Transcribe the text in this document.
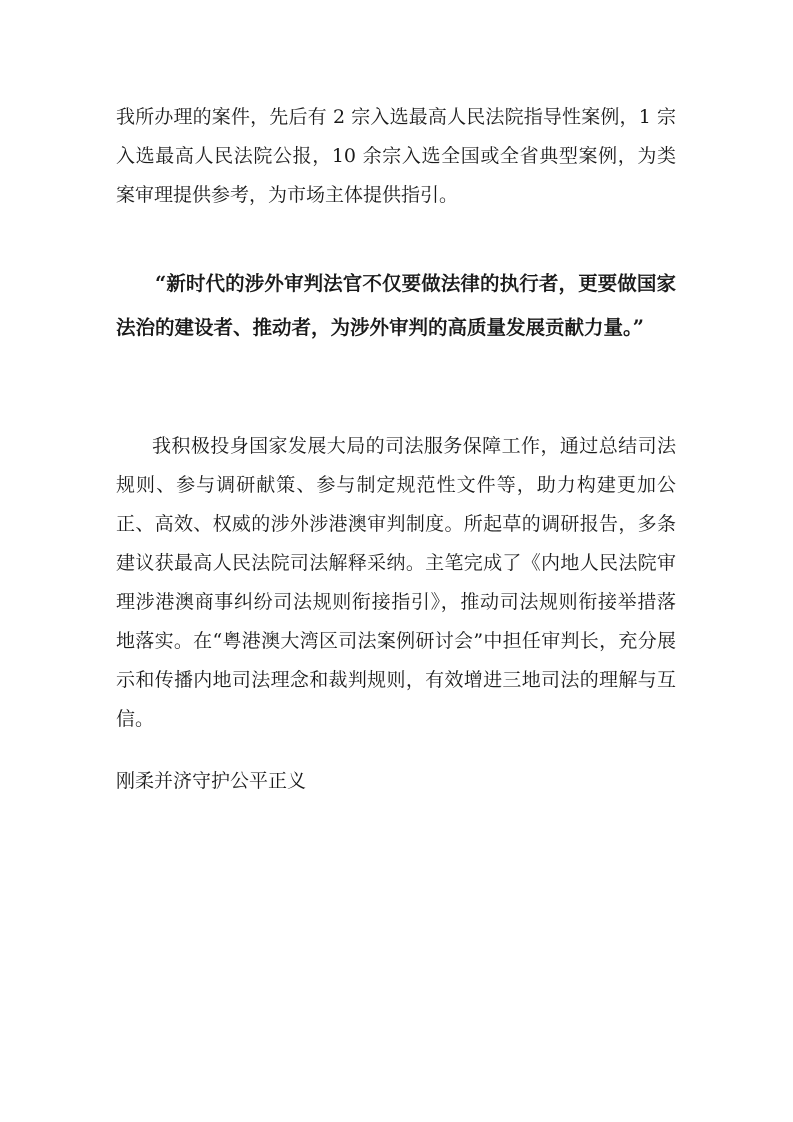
我所办理的案件，先后有 2 宗入选最高人民法院指导性案例，1 宗入选最高人民法院公报，10 余宗入选全国或全省典型案例，为类案审理提供参考，为市场主体提供指引。

“新时代的涉外审判法官不仅要做法律的执行者，更要做国家法治的建设者、推动者，为涉外审判的高质量发展贡献力量。”

我积极投身国家发展大局的司法服务保障工作，通过总结司法规则、参与调研献策、参与制定规范性文件等，助力构建更加公正、高效、权威的涉外涉港澳审判制度。所起草的调研报告，多条建议获最高人民法院司法解释采纳。主笔完成了《内地人民法院审理涉港澳商事纠纷司法规则衔接指引》，推动司法规则衔接举措落地落实。在“粤港澳大湾区司法案例研讨会”中担任审判长，充分展示和传播内地司法理念和裁判规则，有效增进三地司法的理解与互信。

刚柔并济守护公平正义
